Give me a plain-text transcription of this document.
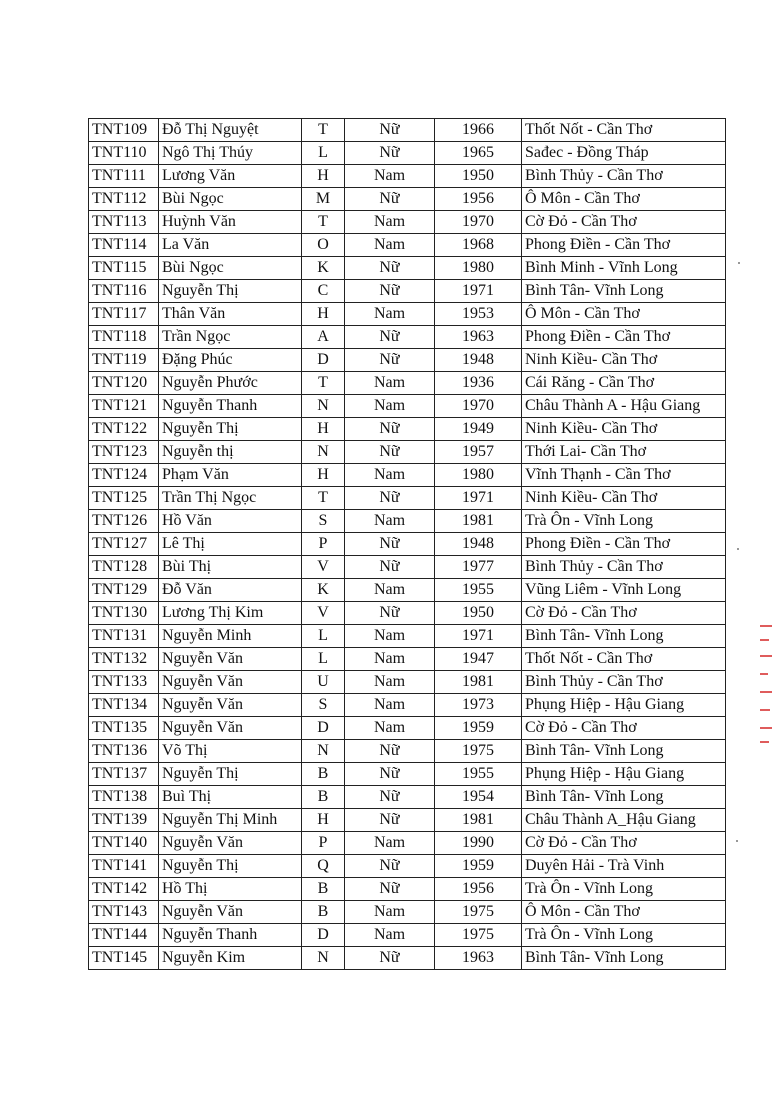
TNT109	Đỗ Thị Nguyệt	T	Nữ	1966	Thốt Nốt - Cần Thơ
TNT110	Ngô Thị Thúy	L	Nữ	1965	Sađec - Đồng Tháp
TNT111	Lương Văn	H	Nam	1950	Bình Thủy - Cần Thơ
TNT112	Bùi Ngọc	M	Nữ	1956	Ô Môn - Cần Thơ
TNT113	Huỳnh Văn	T	Nam	1970	Cờ Đỏ - Cần Thơ
TNT114	La Văn	O	Nam	1968	Phong Điền - Cần Thơ
TNT115	Bùi Ngọc	K	Nữ	1980	Bình Minh - Vĩnh Long
TNT116	Nguyễn Thị	C	Nữ	1971	Bình Tân- Vĩnh Long
TNT117	Thân Văn	H	Nam	1953	Ô Môn - Cần Thơ
TNT118	Trần Ngọc	A	Nữ	1963	Phong Điền - Cần Thơ
TNT119	Đặng Phúc	D	Nữ	1948	Ninh Kiều- Cần Thơ
TNT120	Nguyễn Phước	T	Nam	1936	Cái Răng - Cần Thơ
TNT121	Nguyễn Thanh	N	Nam	1970	Châu Thành A - Hậu Giang
TNT122	Nguyễn Thị	H	Nữ	1949	Ninh Kiều- Cần Thơ
TNT123	Nguyễn thị	N	Nữ	1957	Thới Lai- Cần Thơ
TNT124	Phạm Văn	H	Nam	1980	Vĩnh Thạnh - Cần Thơ
TNT125	Trần Thị Ngọc	T	Nữ	1971	Ninh Kiều- Cần Thơ
TNT126	Hồ Văn	S	Nam	1981	Trà Ôn - Vĩnh Long
TNT127	Lê Thị	P	Nữ	1948	Phong Điền - Cần Thơ
TNT128	Bùi Thị	V	Nữ	1977	Bình Thủy - Cần Thơ
TNT129	Đỗ Văn	K	Nam	1955	Vũng Liêm - Vĩnh Long
TNT130	Lương Thị Kim	V	Nữ	1950	Cờ Đỏ - Cần Thơ
TNT131	Nguyễn Minh	L	Nam	1971	Bình Tân- Vĩnh Long
TNT132	Nguyễn Văn	L	Nam	1947	Thốt Nốt - Cần Thơ
TNT133	Nguyễn Văn	U	Nam	1981	Bình Thủy - Cần Thơ
TNT134	Nguyễn Văn	S	Nam	1973	Phụng Hiệp - Hậu Giang
TNT135	Nguyễn Văn	D	Nam	1959	Cờ Đỏ - Cần Thơ
TNT136	Võ Thị	N	Nữ	1975	Bình Tân- Vĩnh Long
TNT137	Nguyễn Thị	B	Nữ	1955	Phụng Hiệp - Hậu Giang
TNT138	Buì Thị	B	Nữ	1954	Bình Tân- Vĩnh Long
TNT139	Nguyễn Thị Minh	H	Nữ	1981	Châu Thành A_Hậu Giang
TNT140	Nguyễn Văn	P	Nam	1990	Cờ Đỏ - Cần Thơ
TNT141	Nguyễn Thị	Q	Nữ	1959	Duyên Hải - Trà Vinh
TNT142	Hồ Thị	B	Nữ	1956	Trà Ôn - Vĩnh Long
TNT143	Nguyễn Văn	B	Nam	1975	Ô Môn - Cần Thơ
TNT144	Nguyễn Thanh	D	Nam	1975	Trà Ôn - Vĩnh Long
TNT145	Nguyễn Kim	N	Nữ	1963	Bình Tân- Vĩnh Long
